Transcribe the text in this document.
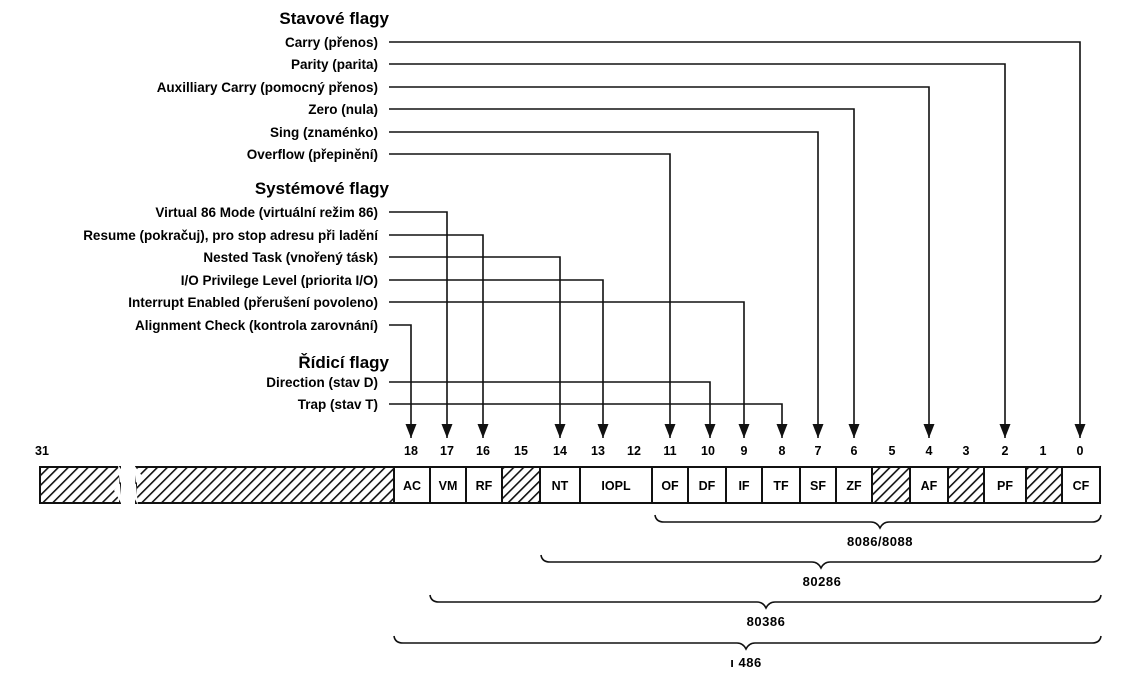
Stavové flagy
Systémové flagy
Řídicí flagy
Carry (přenos)
Parity (parita)
Auxilliary Carry (pomocný přenos)
Zero (nula)
Sing (znaménko)
Overflow (přepinění)
Virtual 86 Mode (virtuální režim 86)
Resume (pokračuj), pro stop adresu při ladění
Nested Task (vnořený tásk)
I/O Privilege Level (priorita I/O)
Interrupt Enabled (přerušení povoleno)
Alignment Check (kontrola zarovnání)
Direction (stav D)
Trap (stav T)
31	18 17 16 15 14 13 12 11 10 9 8 7 6 5 4 3	2 1 0
AC VM RF	NT	IOPL OF DF IF TF SF ZF	AF	PF	CF
8086/8088
80286
80386
ı 486
